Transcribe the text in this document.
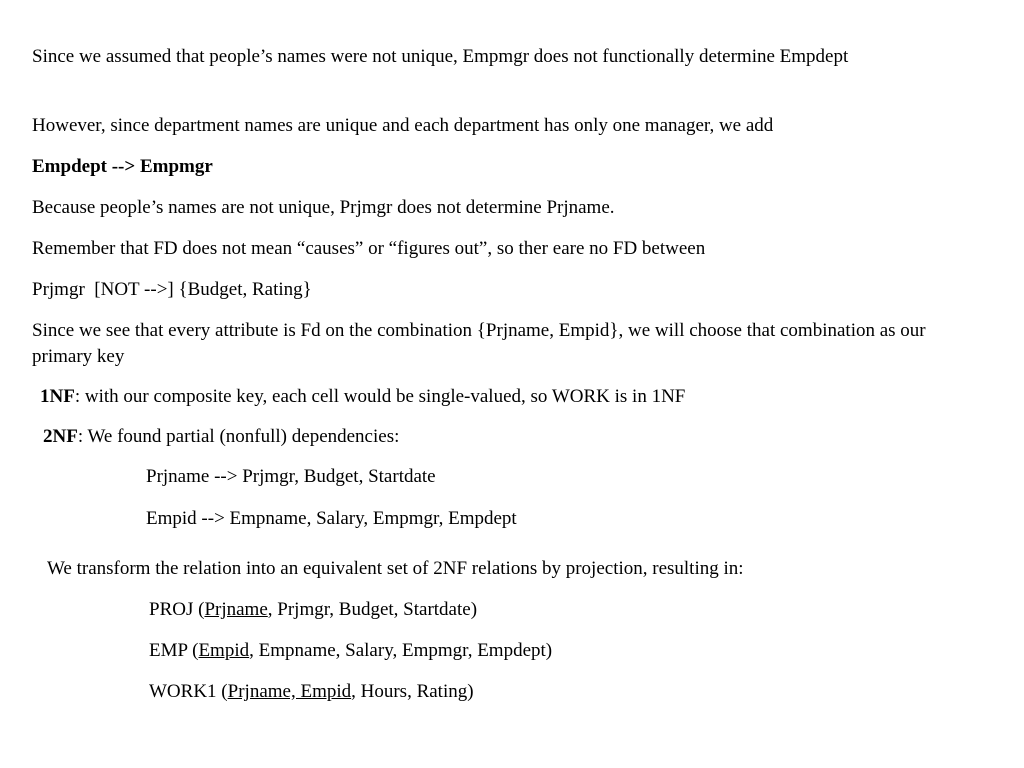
Since we assumed that people’s names were not unique, Empmgr does not functionally determine Empdept
However, since department names are unique and each department has only one manager, we add
Empdept --> Empmgr
Because people’s names are not unique, Prjmgr does not determine Prjname.
Remember that FD does not mean “causes” or “figures out”, so ther eare no FD between
Prjmgr  [NOT -->] {Budget, Rating}
Since we see that every attribute is Fd on the combination {Prjname, Empid}, we will choose that combination as our primary key
1NF: with our composite key, each cell would be single-valued, so WORK is in 1NF
2NF: We found partial (nonfull) dependencies:
Prjname --> Prjmgr, Budget, Startdate
Empid --> Empname, Salary, Empmgr, Empdept
We transform the relation into an equivalent set of 2NF relations by projection, resulting in:
PROJ (Prjname, Prjmgr, Budget, Startdate)
EMP (Empid, Empname, Salary, Empmgr, Empdept)
WORK1 (Prjname, Empid, Hours, Rating)
